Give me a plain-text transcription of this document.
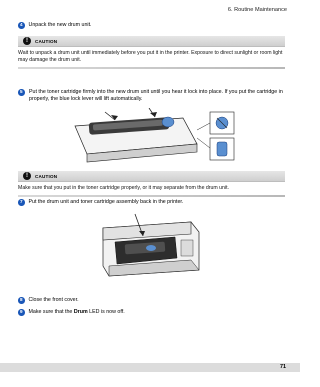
6. Routine Maintenance
4 Unpack the new drum unit.
!	CAUTION
Wait to unpack a drum unit until immediately before you put it in the printer. Exposure to direct sunlight or room light may damage the drum unit.
5 Put the toner cartridge firmly into the new drum unit until you hear it lock into place. If you put the cartridge in properly, the blue lock lever will lift automatically.
!	CAUTION
Make sure that you put in the toner cartridge properly, or it may separate from the drum unit.
7 Put the drum unit and toner cartridge assembly back in the printer.
8 Close the front cover.
9 Make sure that the Drum LED is now off.
71
